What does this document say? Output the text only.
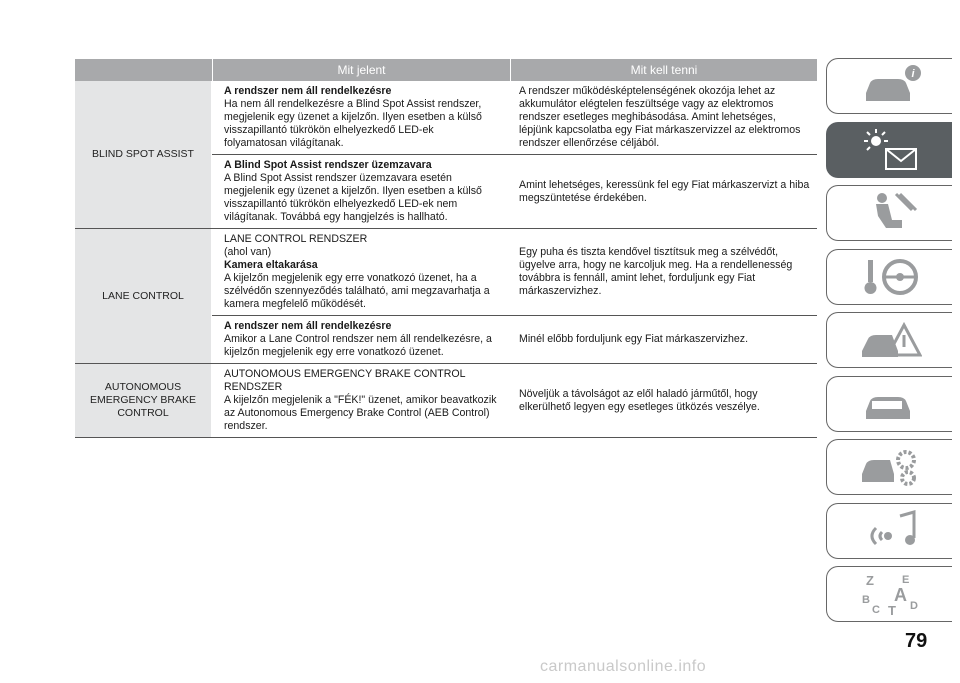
Mit jelent	Mit kell tenni
BLIND SPOT ASSIST
A rendszer nem áll rendelkezésre
Ha nem áll rendelkezésre a Blind Spot Assist rendszer, megjelenik egy üzenet a kijelzőn. Ilyen esetben a külső visszapillantó tükrökön elhelyezkedő LED-ek folyamatosan világítanak.
A rendszer működésképtelenségének okozója lehet az akkumulátor elégtelen feszültsége vagy az elektromos rendszer esetleges meghibásodása. Amint lehetséges, lépjünk kapcsolatba egy Fiat márkaszervizzel az elektromos rendszer ellenőrzése céljából.
A Blind Spot Assist rendszer üzemzavara
A Blind Spot Assist rendszer üzemzavara esetén megjelenik egy üzenet a kijelzőn. Ilyen esetben a külső visszapillantó tükrökön elhelyezkedő LED-ek nem világítanak. Továbbá egy hangjelzés is hallható.
Amint lehetséges, keressünk fel egy Fiat márkaszervizt a hiba megszüntetése érdekében.
LANE CONTROL
LANE CONTROL RENDSZER
(ahol van)
Kamera eltakarása
A kijelzőn megjelenik egy erre vonatkozó üzenet, ha a szélvédőn szennyeződés található, ami megzavarhatja a kamera megfelelő működését.
Egy puha és tiszta kendővel tisztítsuk meg a szélvédőt, ügyelve arra, hogy ne karcoljuk meg. Ha a rendellenesség továbbra is fennáll, amint lehet, forduljunk egy Fiat márkaszervizhez.
A rendszer nem áll rendelkezésre
Amikor a Lane Control rendszer nem áll rendelkezésre, a kijelzőn megjelenik egy erre vonatkozó üzenet.
Minél előbb forduljunk egy Fiat márkaszervizhez.
AUTONOMOUS EMERGENCY BRAKE CONTROL
AUTONOMOUS EMERGENCY BRAKE CONTROL RENDSZER
A kijelzőn megjelenik a "FÉK!" üzenet, amikor beavatkozik az Autonomous Emergency Brake Control (AEB Control) rendszer.
Növeljük a távolságot az elől haladó járműtől, hogy elkerülhető legyen egy esetleges ütközés veszélye.
i
Z	E
B A
C T D
79
carmanualsonline.info
